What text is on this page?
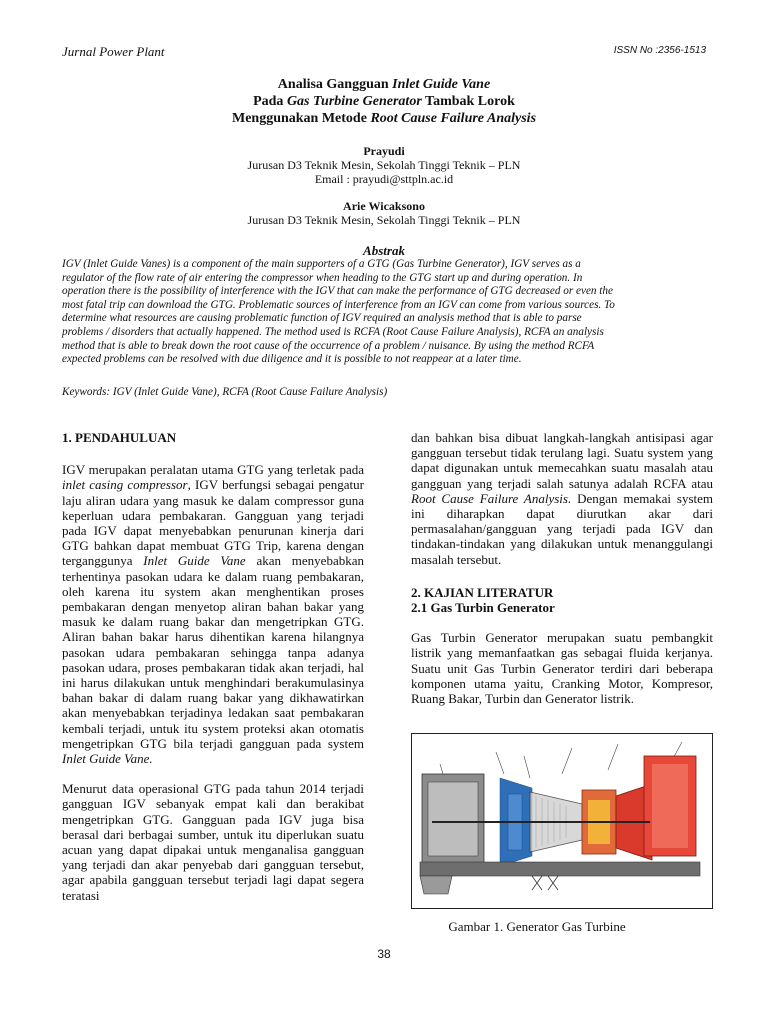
Jurnal Power Plant	ISSN No :2356-1513
Analisa Gangguan Inlet Guide Vane
Pada Gas Turbine Generator Tambak Lorok
Menggunakan Metode Root Cause Failure Analysis
Prayudi
Jurusan D3 Teknik Mesin, Sekolah Tinggi Teknik – PLN
Email : prayudi@sttpln.ac.id
Arie Wicaksono
Jurusan D3 Teknik Mesin, Sekolah Tinggi Teknik – PLN
Abstrak
IGV (Inlet Guide Vanes) is a component of the main supporters of a GTG (Gas Turbine Generator), IGV serves as a
regulator of the flow rate of air entering the compressor when heading to the GTG start up and during operation. In
operation there is the possibility of interference with the IGV that can make the performance of GTG decreased or even the
most fatal trip can download the GTG. Problematic sources of interference from an IGV can come from various sources. To
determine what resources are causing problematic function of IGV required an analysis method that is able to parse
problems / disorders that actually happened. The method used is RCFA (Root Cause Failure Analysis), RCFA an analysis
method that is able to break down the root cause of the occurrence of a problem / nuisance. By using the method RCFA
expected problems can be resolved with due diligence and it is possible to not reappear at a later time.
Keywords: IGV (Inlet Guide Vane), RCFA (Root Cause Failure Analysis)
1. PENDAHULUAN

IGV merupakan peralatan utama GTG yang terletak pada inlet casing compressor, IGV berfungsi sebagai pengatur laju aliran udara yang masuk ke dalam compressor guna keperluan udara pembakaran. Gangguan yang terjadi pada IGV dapat menyebabkan penurunan kinerja dari GTG bahkan dapat membuat GTG Trip, karena dengan terganggunya Inlet Guide Vane akan menyebabkan terhentinya pasokan udara ke dalam ruang pembakaran, oleh karena itu system akan menghentikan proses pembakaran dengan menyetop aliran bahan bakar yang masuk ke dalam ruang bakar dan mengetripkan GTG. Aliran bahan bakar harus dihentikan karena hilangnya pasokan udara pembakaran sehingga tanpa adanya pasokan udara, proses pembakaran tidak akan terjadi, hal ini harus dilakukan untuk menghindari berakumulasinya bahan bakar di dalam ruang bakar yang dikhawatirkan akan menyebabkan terjadinya ledakan saat pembakaran kembali terjadi, untuk itu system proteksi akan otomatis mengetripkan GTG bila terjadi gangguan pada system Inlet Guide Vane.

Menurut data operasional GTG pada tahun 2014 terjadi gangguan IGV sebanyak empat kali dan berakibat mengetripkan GTG. Gangguan pada IGV juga bisa berasal dari berbagai sumber, untuk itu diperlukan suatu acuan yang dapat dipakai untuk menganalisa gangguan yang terjadi dan akar penyebab dari gangguan tersebut, agar apabila gangguan tersebut terjadi lagi dapat segera teratasi

dan bahkan bisa dibuat langkah-langkah antisipasi agar gangguan tersebut tidak terulang lagi. Suatu system yang dapat digunakan untuk memecahkan suatu masalah atau gangguan yang terjadi salah satunya adalah RCFA atau Root Cause Failure Analysis. Dengan memakai system ini diharapkan dapat diurutkan akar dari permasalahan/gangguan yang terjadi pada IGV dan tindakan-tindakan yang dilakukan untuk menanggulangi masalah tersebut.

2. KAJIAN LITERATUR
2.1 Gas Turbin Generator

Gas Turbin Generator merupakan suatu pembangkit listrik yang memanfaatkan gas sebagai fluida kerjanya. Suatu unit Gas Turbin Generator terdiri dari beberapa komponen utama yaitu, Cranking Motor, Kompresor, Ruang Bakar, Turbin dan Generator listrik.

Gambar 1. Generator Gas Turbine
38
